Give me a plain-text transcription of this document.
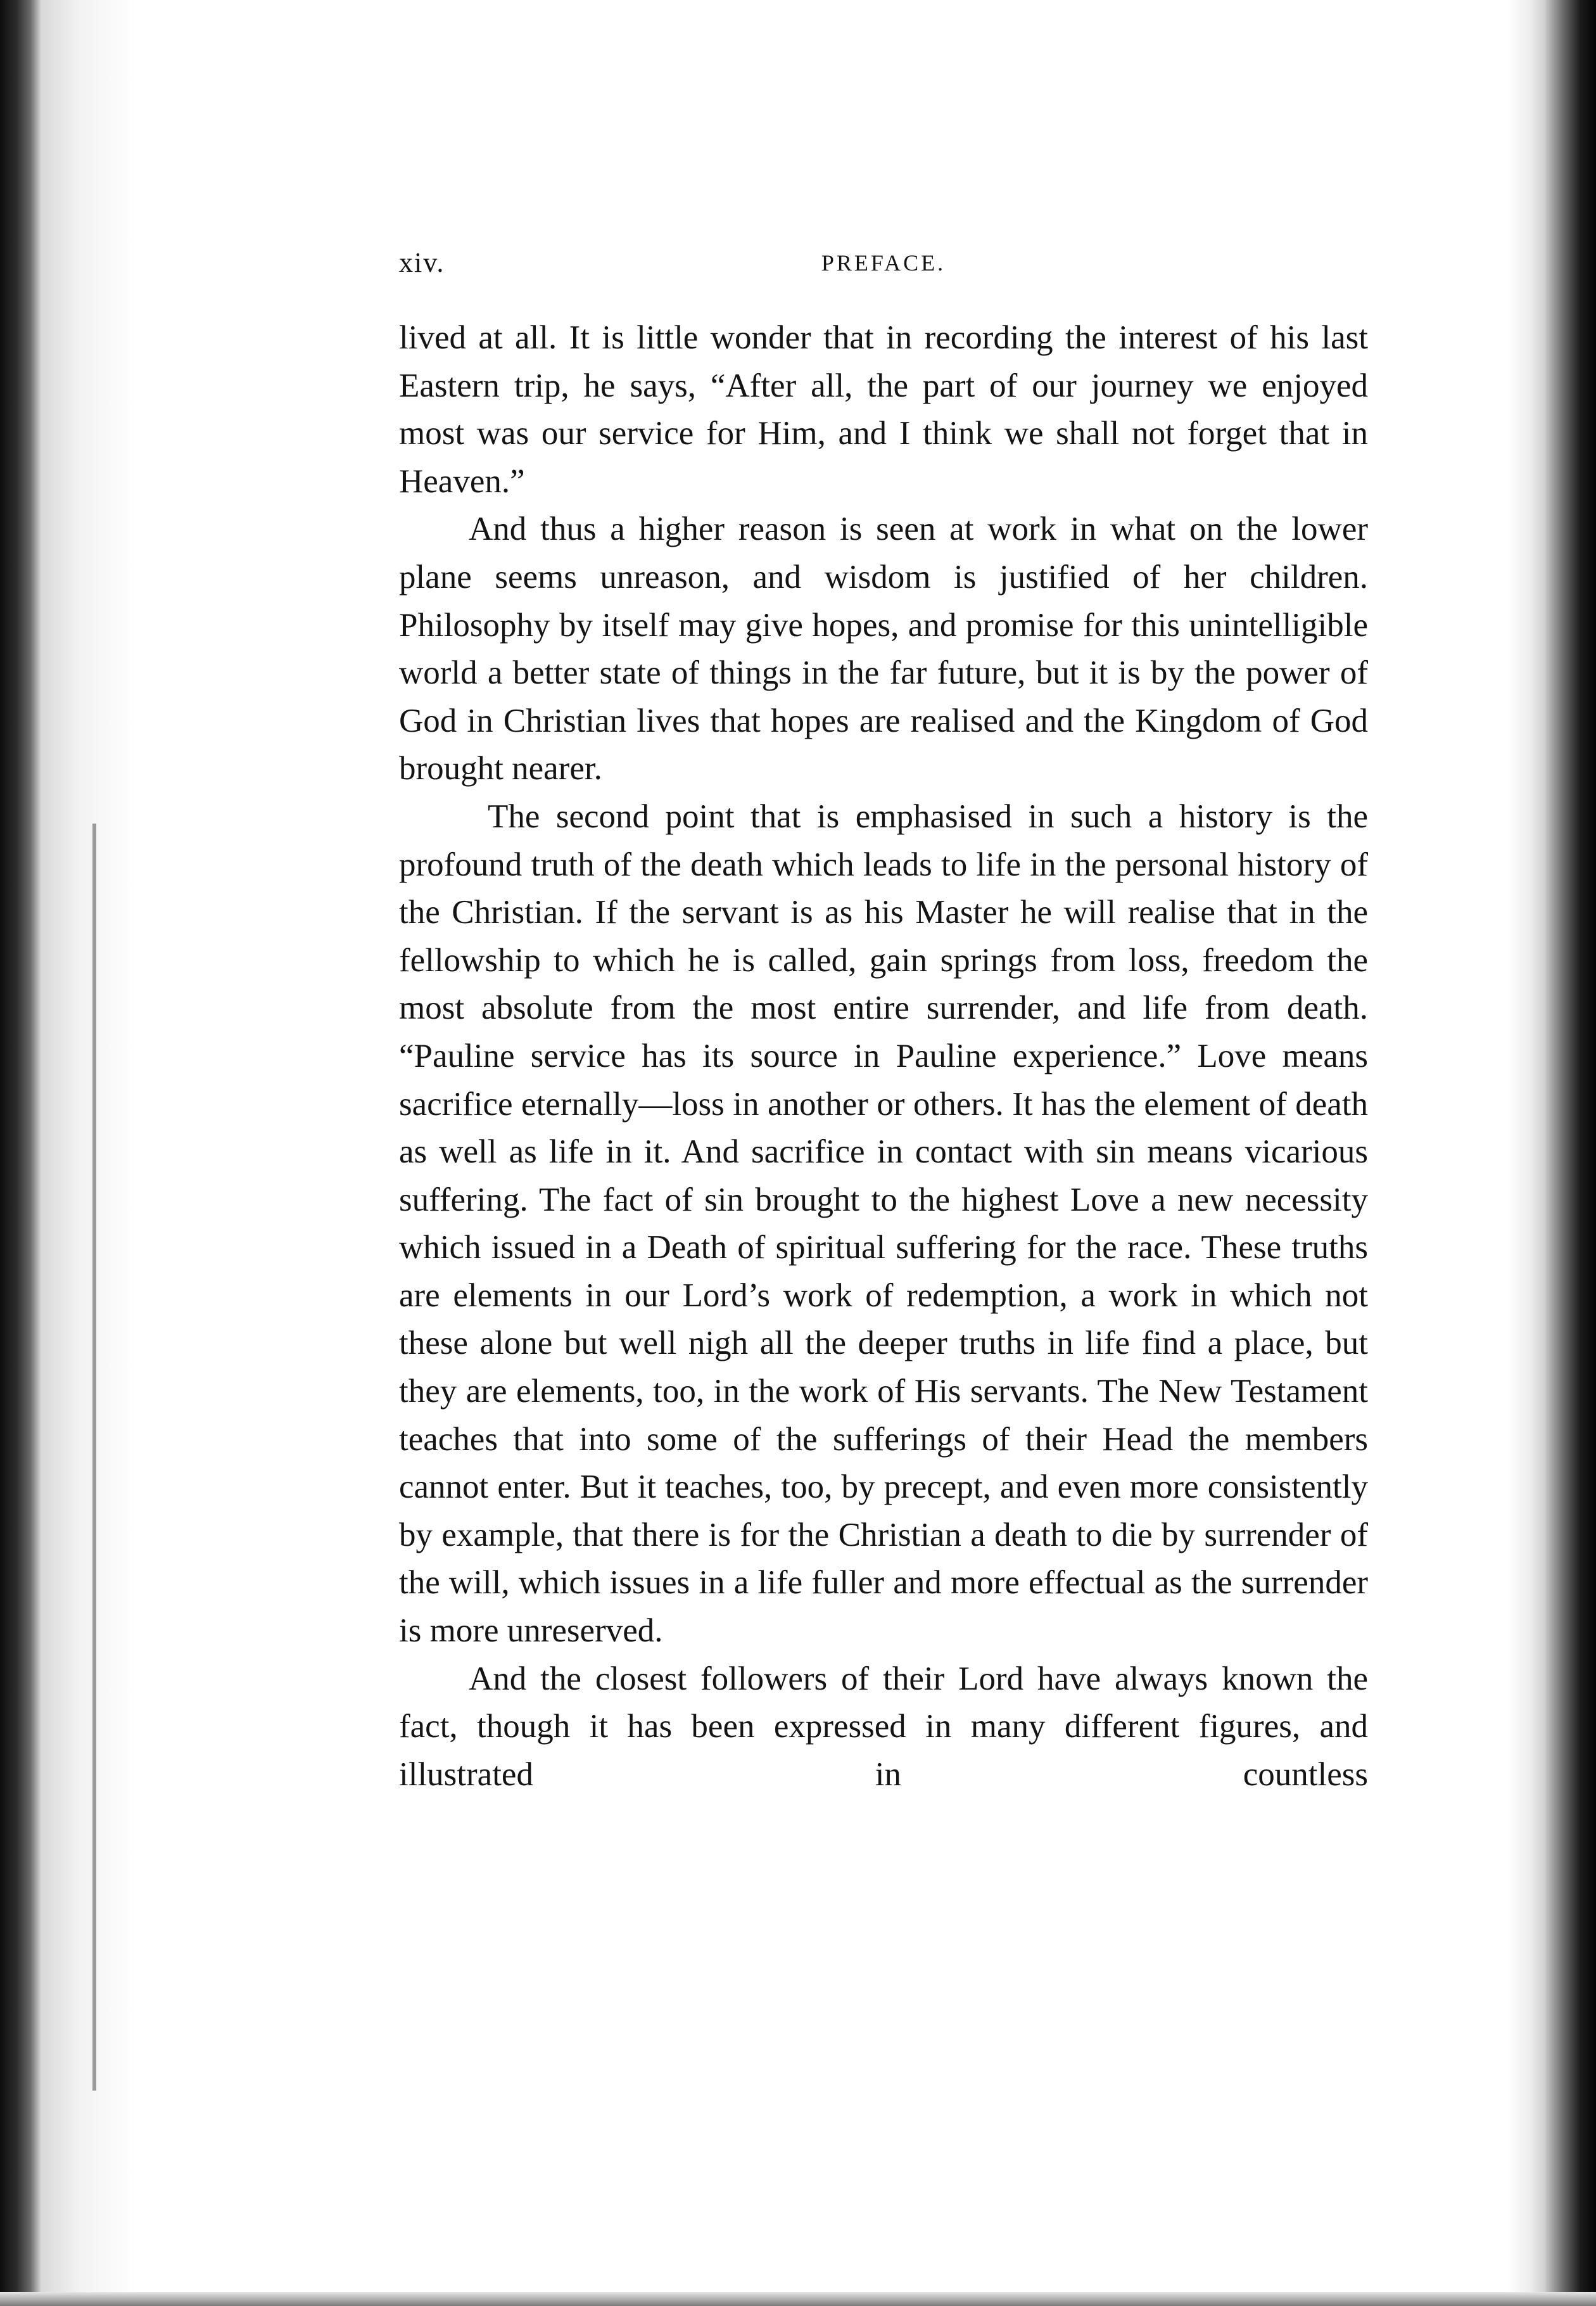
xiv.	PREFACE.

lived at all. It is little wonder that in recording the interest of his last Eastern trip, he says, “After all, the part of our journey we enjoyed most was our service for Him, and I think we shall not forget that in Heaven.”

And thus a higher reason is seen at work in what on the lower plane seems unreason, and wisdom is justified of her children. Philosophy by itself may give hopes, and promise for this unintelligible world a better state of things in the far future, but it is by the power of God in Christian lives that hopes are realised and the Kingdom of God brought nearer.

The second point that is emphasised in such a history is the profound truth of the death which leads to life in the personal history of the Christian. If the servant is as his Master he will realise that in the fellowship to which he is called, gain springs from loss, freedom the most absolute from the most entire surrender, and life from death. “Pauline service has its source in Pauline experience.” Love means sacrifice eternally—loss in another or others. It has the element of death as well as life in it. And sacrifice in contact with sin means vicarious suffering. The fact of sin brought to the highest Love a new necessity which issued in a Death of spiritual suffering for the race. These truths are elements in our Lord’s work of redemption, a work in which not these alone but well nigh all the deeper truths in life find a place, but they are elements, too, in the work of His servants. The New Testament teaches that into some of the sufferings of their Head the members cannot enter. But it teaches, too, by precept, and even more consistently by example, that there is for the Christian a death to die by surrender of the will, which issues in a life fuller and more effectual as the surrender is more unreserved.

And the closest followers of their Lord have always known the fact, though it has been expressed in many different figures, and illustrated in countless
